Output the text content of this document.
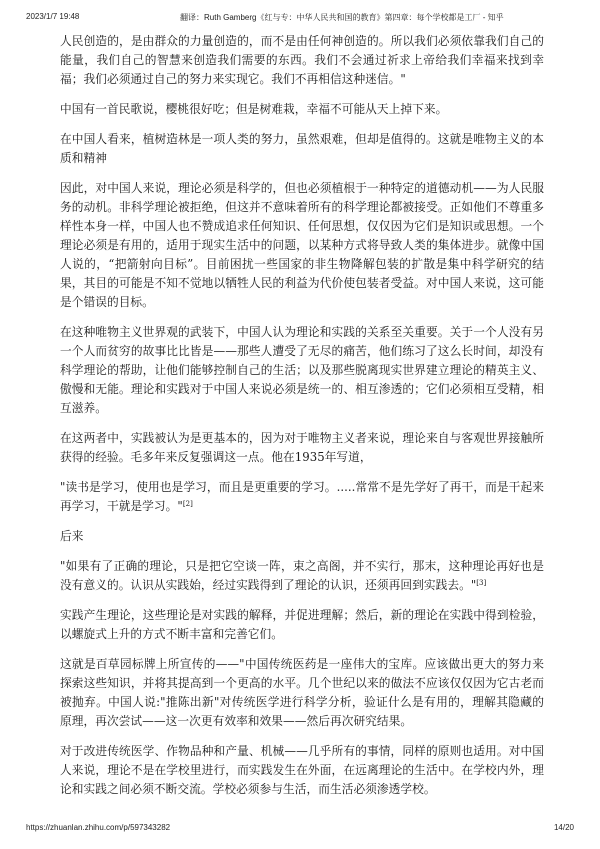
2023/1/7 19:48	翻译：Ruth Gamberg《红与专：中华人民共和国的教育》第四章：每个学校都是工厂 - 知乎

人民创造的，是由群众的力量创造的，而不是由任何神创造的。所以我们必须依靠我们自己的能量，我们自己的智慧来创造我们需要的东西。我们不会通过祈求上帝给我们幸福来找到幸福；我们必须通过自己的努力来实现它。我们不再相信这种迷信。"

中国有一首民歌说，樱桃很好吃；但是树难栽，幸福不可能从天上掉下来。

在中国人看来，植树造林是一项人类的努力，虽然艰难，但却是值得的。这就是唯物主义的本质和精神

因此，对中国人来说，理论必须是科学的，但也必须植根于一种特定的道德动机——为人民服务的动机。非科学理论被拒绝，但这并不意味着所有的科学理论都被接受。正如他们不尊重多样性本身一样，中国人也不赞成追求任何知识、任何思想，仅仅因为它们是知识或思想。一个理论必须是有用的，适用于现实生活中的问题，以某种方式将导致人类的集体进步。就像中国人说的，“把箭射向目标”。目前困扰一些国家的非生物降解包装的扩散是集中科学研究的结果，其目的可能是不知不觉地以牺牲人民的利益为代价使包装者受益。对中国人来说，这可能是个错误的目标。

在这种唯物主义世界观的武装下，中国人认为理论和实践的关系至关重要。关于一个人没有另一个人而贫穷的故事比比皆是——那些人遭受了无尽的痛苦，他们练习了这么长时间，却没有科学理论的帮助，让他们能够控制自己的生活；以及那些脱离现实世界建立理论的精英主义、傲慢和无能。理论和实践对于中国人来说必须是统一的、相互渗透的；它们必须相互受精，相互滋养。

在这两者中，实践被认为是更基本的，因为对于唯物主义者来说，理论来自与客观世界接触所获得的经验。毛多年来反复强调这一点。他在1935年写道，

"读书是学习，使用也是学习，而且是更重要的学习。.....常常不是先学好了再干，而是干起来再学习，干就是学习。"[2]

后来

"如果有了正确的理论，只是把它空谈一阵，束之高阁，并不实行，那末，这种理论再好也是没有意义的。认识从实践始，经过实践得到了理论的认识，还须再回到实践去。"[3]

实践产生理论，这些理论是对实践的解释，并促进理解；然后，新的理论在实践中得到检验，以螺旋式上升的方式不断丰富和完善它们。

这就是百草园标牌上所宣传的——"中国传统医药是一座伟大的宝库。应该做出更大的努力来探索这些知识，并将其提高到一个更高的水平。几个世纪以来的做法不应该仅仅因为它古老而被抛弃。中国人说:"推陈出新"对传统医学进行科学分析，验证什么是有用的，理解其隐藏的原理，再次尝试——这一次更有效率和效果——然后再次研究结果。

对于改进传统医学、作物品种和产量、机械——几乎所有的事情，同样的原则也适用。对中国人来说，理论不是在学校里进行，而实践发生在外面，在远离理论的生活中。在学校内外，理论和实践之间必须不断交流。学校必须参与生活，而生活必须渗透学校。

https://zhuanlan.zhihu.com/p/597343282	14/20
